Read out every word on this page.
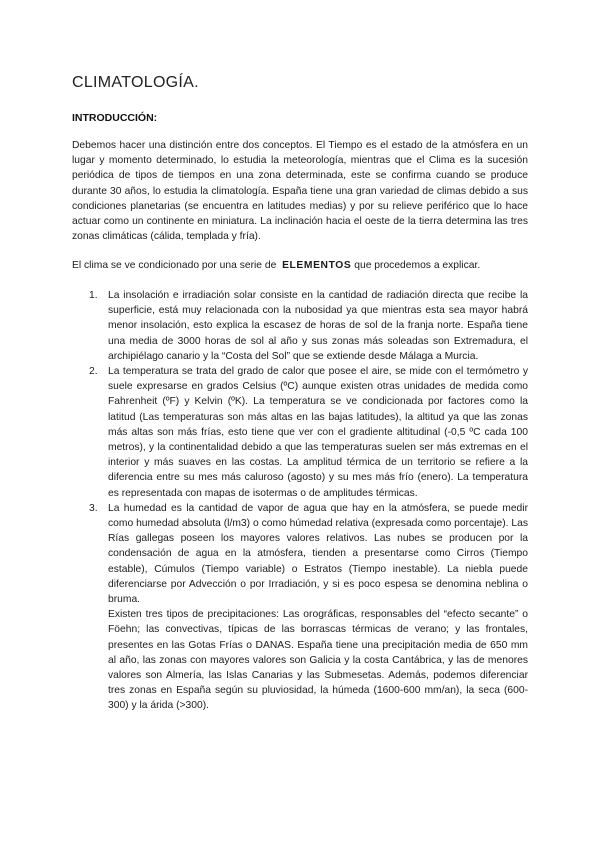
CLIMATOLOGÍA.
INTRODUCCIÓN:

Debemos hacer una distinción entre dos conceptos. El Tiempo es el estado de la atmósfera en un lugar y momento determinado, lo estudia la meteorología, mientras que el Clima es la sucesión periódica de tipos de tiempos en una zona determinada, este se confirma cuando se produce durante 30 años, lo estudia la climatología. España tiene una gran variedad de climas debido a sus condiciones planetarias (se encuentra en latitudes medias) y por su relieve periférico que lo hace actuar como un continente en miniatura. La inclinación hacia el oeste de la tierra determina las tres zonas climáticas (cálida, templada y fría).

El clima se ve condicionado por una serie de ELEMENTOS que procedemos a explicar.

1. La insolación e irradiación solar consiste en la cantidad de radiación directa que recibe la superficie, está muy relacionada con la nubosidad ya que mientras esta sea mayor habrá menor insolación, esto explica la escasez de horas de sol de la franja norte. España tiene una media de 3000 horas de sol al año y sus zonas más soleadas son Extremadura, el archipiélago canario y la “Costa del Sol” que se extiende desde Málaga a Murcia.

2. La temperatura se trata del grado de calor que posee el aire, se mide con el termómetro y suele expresarse en grados Celsius (ºC) aunque existen otras unidades de medida como Fahrenheit (ºF) y Kelvin (ºK). La temperatura se ve condicionada por factores como la latitud (Las temperaturas son más altas en las bajas latitudes), la altitud ya que las zonas más altas son más frías, esto tiene que ver con el gradiente altitudinal (-0,5 ºC cada 100 metros), y la continentalidad debido a que las temperaturas suelen ser más extremas en el interior y más suaves en las costas. La amplitud térmica de un territorio se refiere a la diferencia entre su mes más caluroso (agosto) y su mes más frío (enero). La temperatura es representada con mapas de isotermas o de amplitudes térmicas.

3. La humedad es la cantidad de vapor de agua que hay en la atmósfera, se puede medir como humedad absoluta (l/m3) o como húmedad relativa (expresada como porcentaje). Las Rías gallegas poseen los mayores valores relativos. Las nubes se producen por la condensación de agua en la atmósfera, tienden a presentarse como Cirros (Tiempo estable), Cúmulos (Tiempo variable) o Estratos (Tiempo inestable). La niebla puede diferenciarse por Advección o por Irradiación, y si es poco espesa se denomina neblina o bruma.

Existen tres tipos de precipitaciones: Las orográficas, responsables del “efecto secante” o Föehn; las convectivas, típicas de las borrascas térmicas de verano; y las frontales, presentes en las Gotas Frías o DANAS. España tiene una precipitación media de 650 mm al año, las zonas con mayores valores son Galicia y la costa Cantábrica, y las de menores valores son Almería, las Islas Canarias y las Submesetas. Además, podemos diferenciar tres zonas en España según su pluviosidad, la húmeda (1600-600 mm/an), la seca (600-300) y la árida (>300).
